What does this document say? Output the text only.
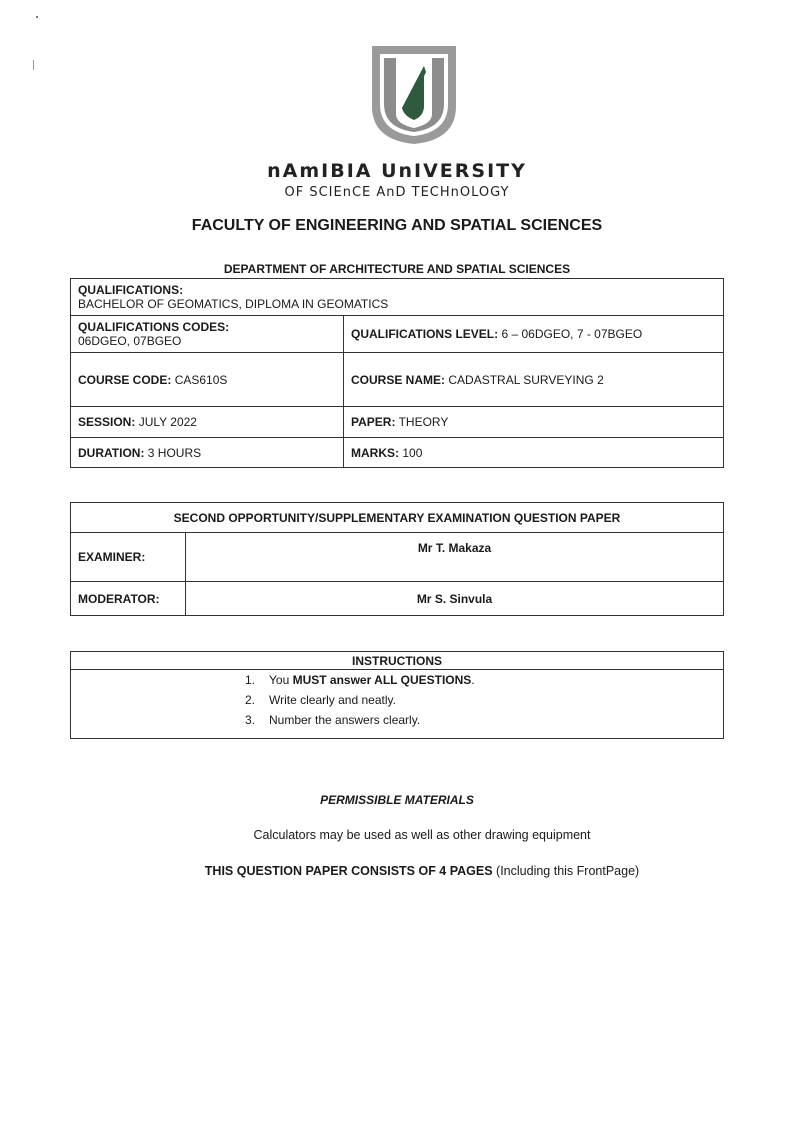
nAmIBIA UnIVERSITY
OF SCIEnCE AnD TECHnOLOGY
FACULTY OF ENGINEERING AND SPATIAL SCIENCES
DEPARTMENT OF ARCHITECTURE AND SPATIAL SCIENCES
QUALIFICATIONS:
BACHELOR OF GEOMATICS, DIPLOMA IN GEOMATICS	

QUALIFICATIONS CODES:
06DGEO, 07BGEO	QUALIFICATIONS LEVEL: 6 – 06DGEO, 7 - 07BGEO
COURSE CODE: CAS610S	COURSE NAME: CADASTRAL SURVEYING 2
SESSION: JULY 2022	PAPER: THEORY
DURATION: 3 HOURS	MARKS: 100
SECOND OPPORTUNITY/SUPPLEMENTARY EXAMINATION QUESTION PAPER	
EXAMINER:	Mr T. Makaza
MODERATOR:	Mr S. Sinvula
INSTRUCTIONS

1. You MUST answer ALL QUESTIONS.
2. Write clearly and neatly.
3. Number the answers clearly.
PERMISSIBLE MATERIALS
Calculators may be used as well as other drawing equipment
THIS QUESTION PAPER CONSISTS OF 4 PAGES (Including this FrontPage)
